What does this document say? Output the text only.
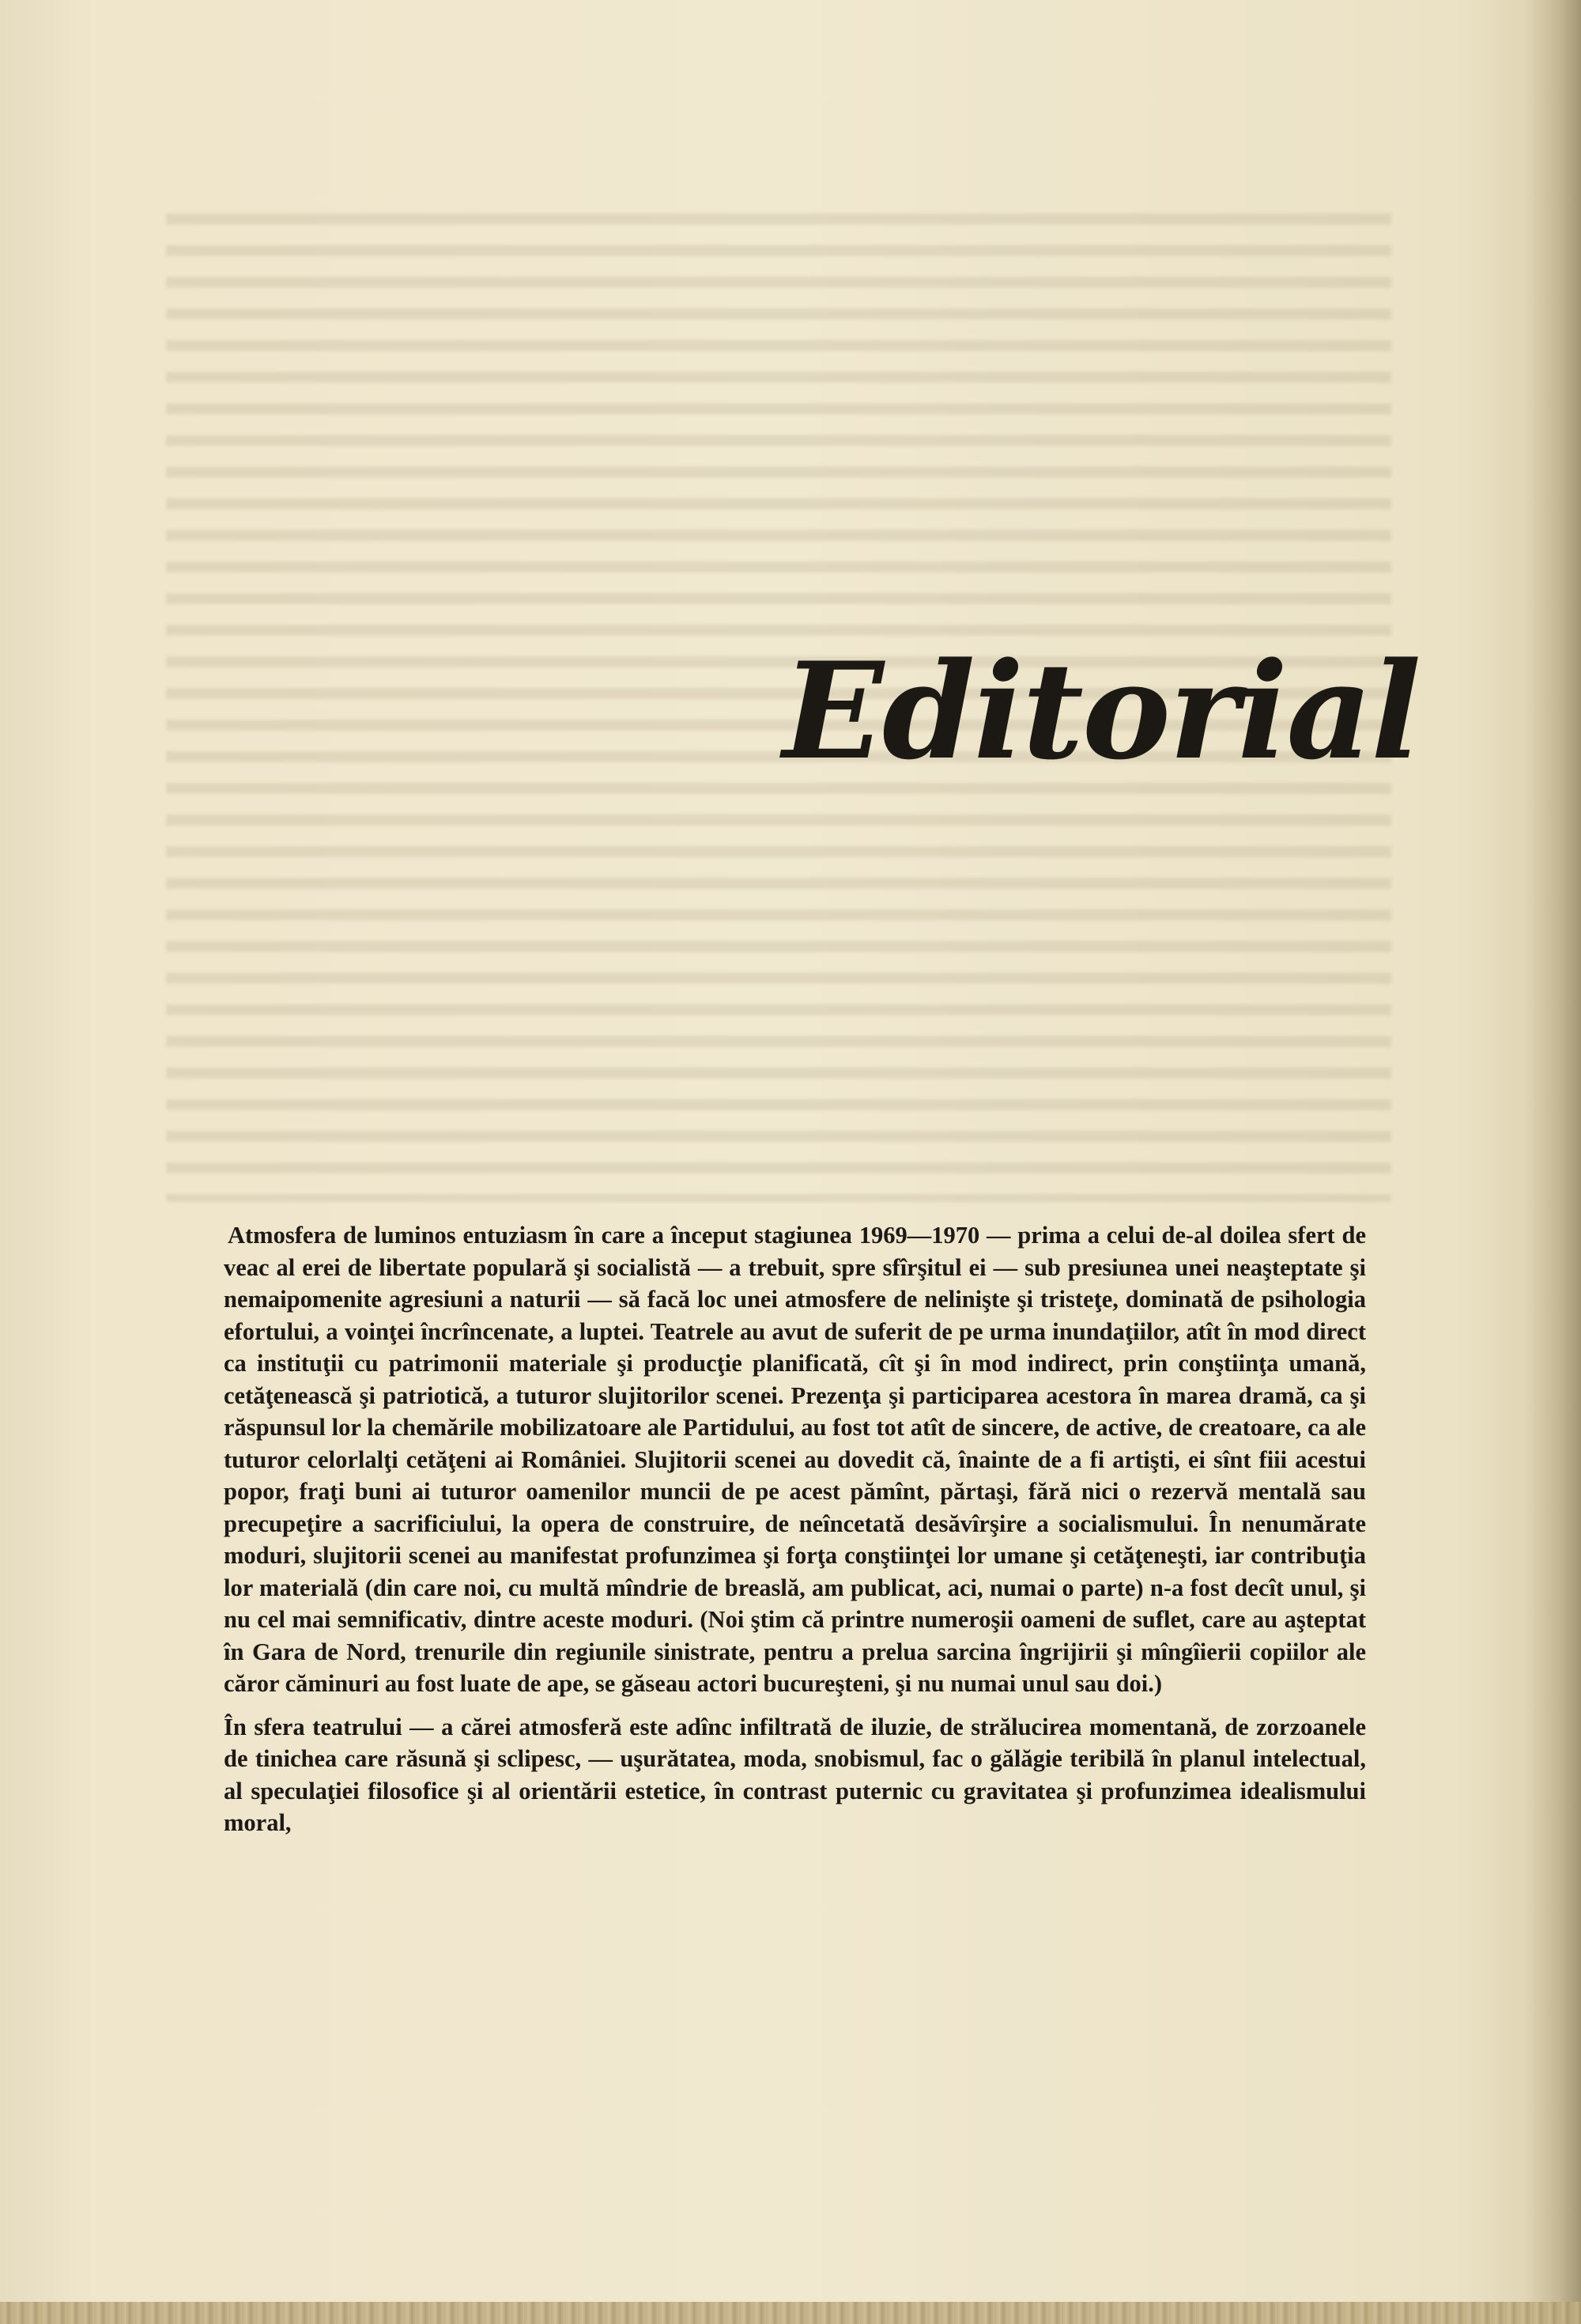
Editorial

Atmosfera de luminos entuziasm în care a început stagiunea 1969—1970 — prima a celui de-al doilea sfert de veac al erei de libertate populară şi socialistă — a trebuit, spre sfîrşitul ei — sub presiunea unei neaşteptate şi nemaipomenite agresiuni a naturii — să facă loc unei atmosfere de nelinişte şi tristeţe, dominată de psihologia efortului, a voinţei încrîncenate, a luptei. Teatrele au avut de suferit de pe urma inundaţiilor, atît în mod direct ca instituţii cu patrimonii materiale şi producţie planificată, cît şi în mod indirect, prin conştiinţa umană, cetăţenească şi patriotică, a tuturor slujitorilor scenei. Prezenţa şi participarea acestora în marea dramă, ca şi răspunsul lor la chemările mobilizatoare ale Partidului, au fost tot atît de sincere, de active, de creatoare, ca ale tuturor celorlalţi cetăţeni ai României. Slujitorii scenei au dovedit că, înainte de a fi artişti, ei sînt fiii acestui popor, fraţi buni ai tuturor oamenilor muncii de pe acest pămînt, părtaşi, fără nici o rezervă mentală sau precupeţire a sacrificiului, la opera de construire, de neîncetată desăvîrşire a socialismului. În nenumărate moduri, slujitorii scenei au manifestat profunzimea şi forţa conştiinţei lor umane şi cetăţeneşti, iar contribuţia lor materială (din care noi, cu multă mîndrie de breaslă, am publicat, aci, numai o parte) n-a fost decît unul, şi nu cel mai semnificativ, dintre aceste moduri. (Noi ştim că printre numeroşii oameni de suflet, care au aşteptat în Gara de Nord, trenurile din regiunile sinistrate, pentru a prelua sarcina îngrijirii şi mîngîierii copiilor ale căror căminuri au fost luate de ape, se găseau actori bucureşteni, şi nu numai unul sau doi.)

În sfera teatrului — a cărei atmosferă este adînc infiltrată de iluzie, de strălucirea momentană, de zorzoanele de tinichea care răsună şi sclipesc, — uşurătatea, moda, snobismul, fac o gălăgie teribilă în planul intelectual, al speculaţiei filosofice şi al orientării estetice, în contrast puternic cu gravitatea şi profunzimea idealismului moral,
